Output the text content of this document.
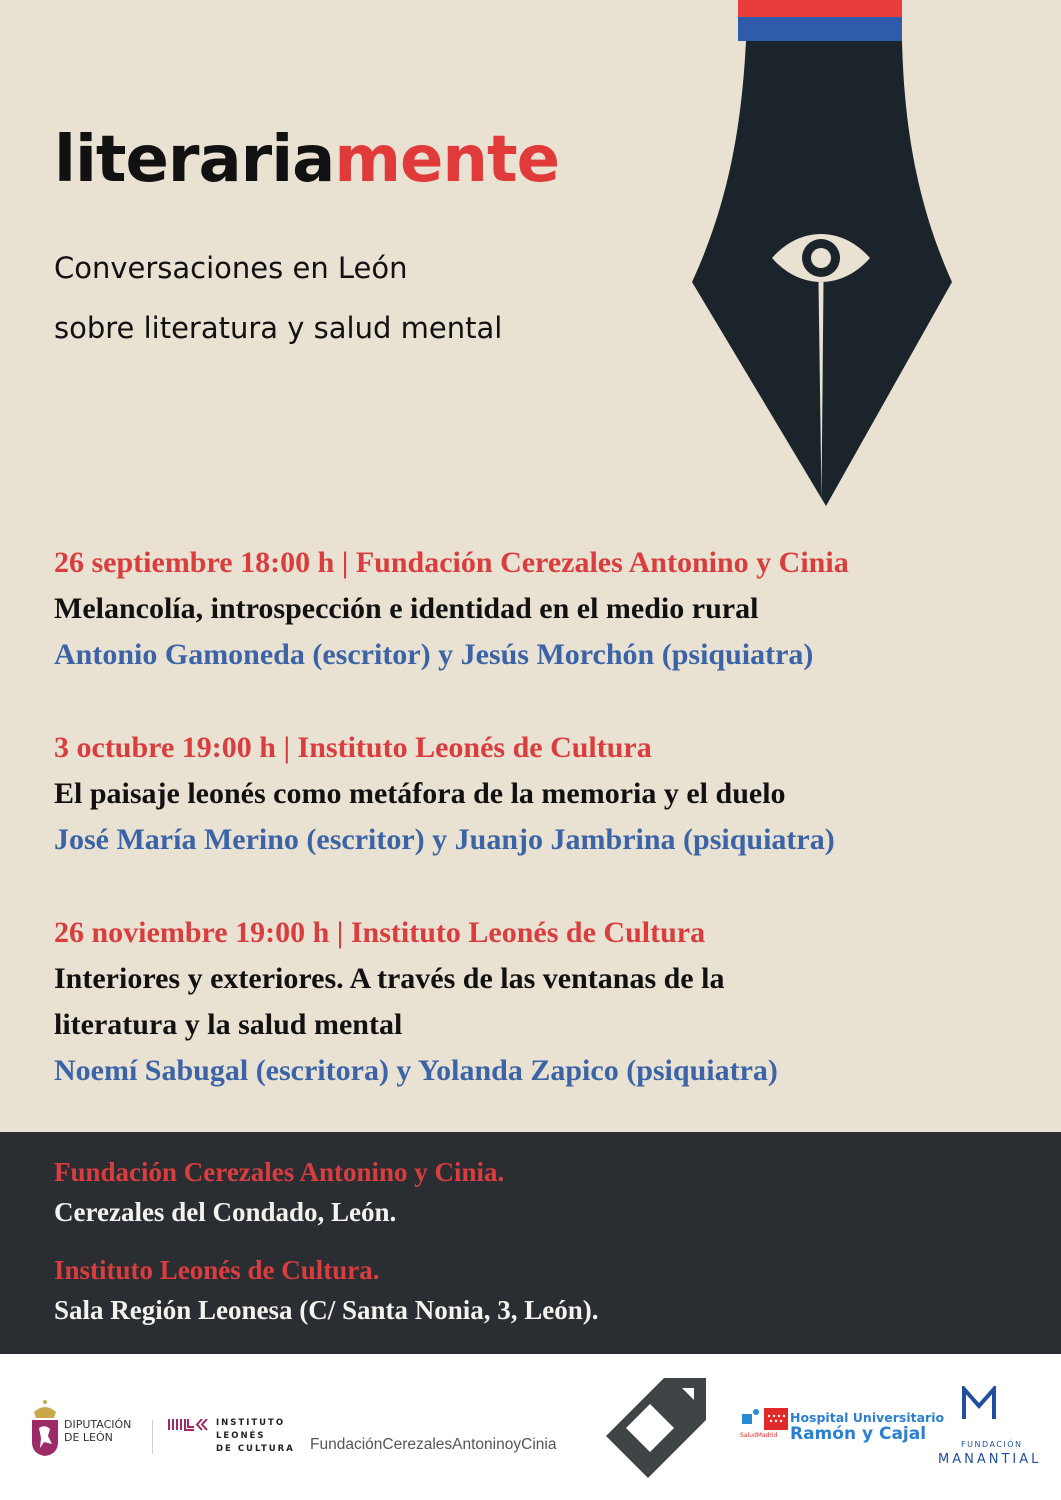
literariamente
Conversaciones en León
sobre literatura y salud mental
26 septiembre 18:00 h | Fundación Cerezales Antonino y Cinia
Melancolía, introspección e identidad en el medio rural
Antonio Gamoneda (escritor) y Jesús Morchón (psiquiatra)
3 octubre 19:00 h | Instituto Leonés de Cultura
El paisaje leonés como metáfora de la memoria y el duelo
José María Merino (escritor) y Juanjo Jambrina (psiquiatra)
26 noviembre 19:00 h | Instituto Leonés de Cultura
Interiores y exteriores. A través de las ventanas de la
literatura y la salud mental
Noemí Sabugal (escritora) y Yolanda Zapico (psiquiatra)
Fundación Cerezales Antonino y Cinia.
Cerezales del Condado, León.
Instituto Leonés de Cultura.
Sala Región Leonesa (C/ Santa Nonia, 3, León).
DIPUTACIÓN
DE LEÓN
INSTITUTO
LEONÉS
DE CULTURA FundaciónCerezalesAntoninoyCinia
SaludMadrid
Hospital Universitario
Ramón y Cajal
FUNDACIÓN
MANANTIAL
